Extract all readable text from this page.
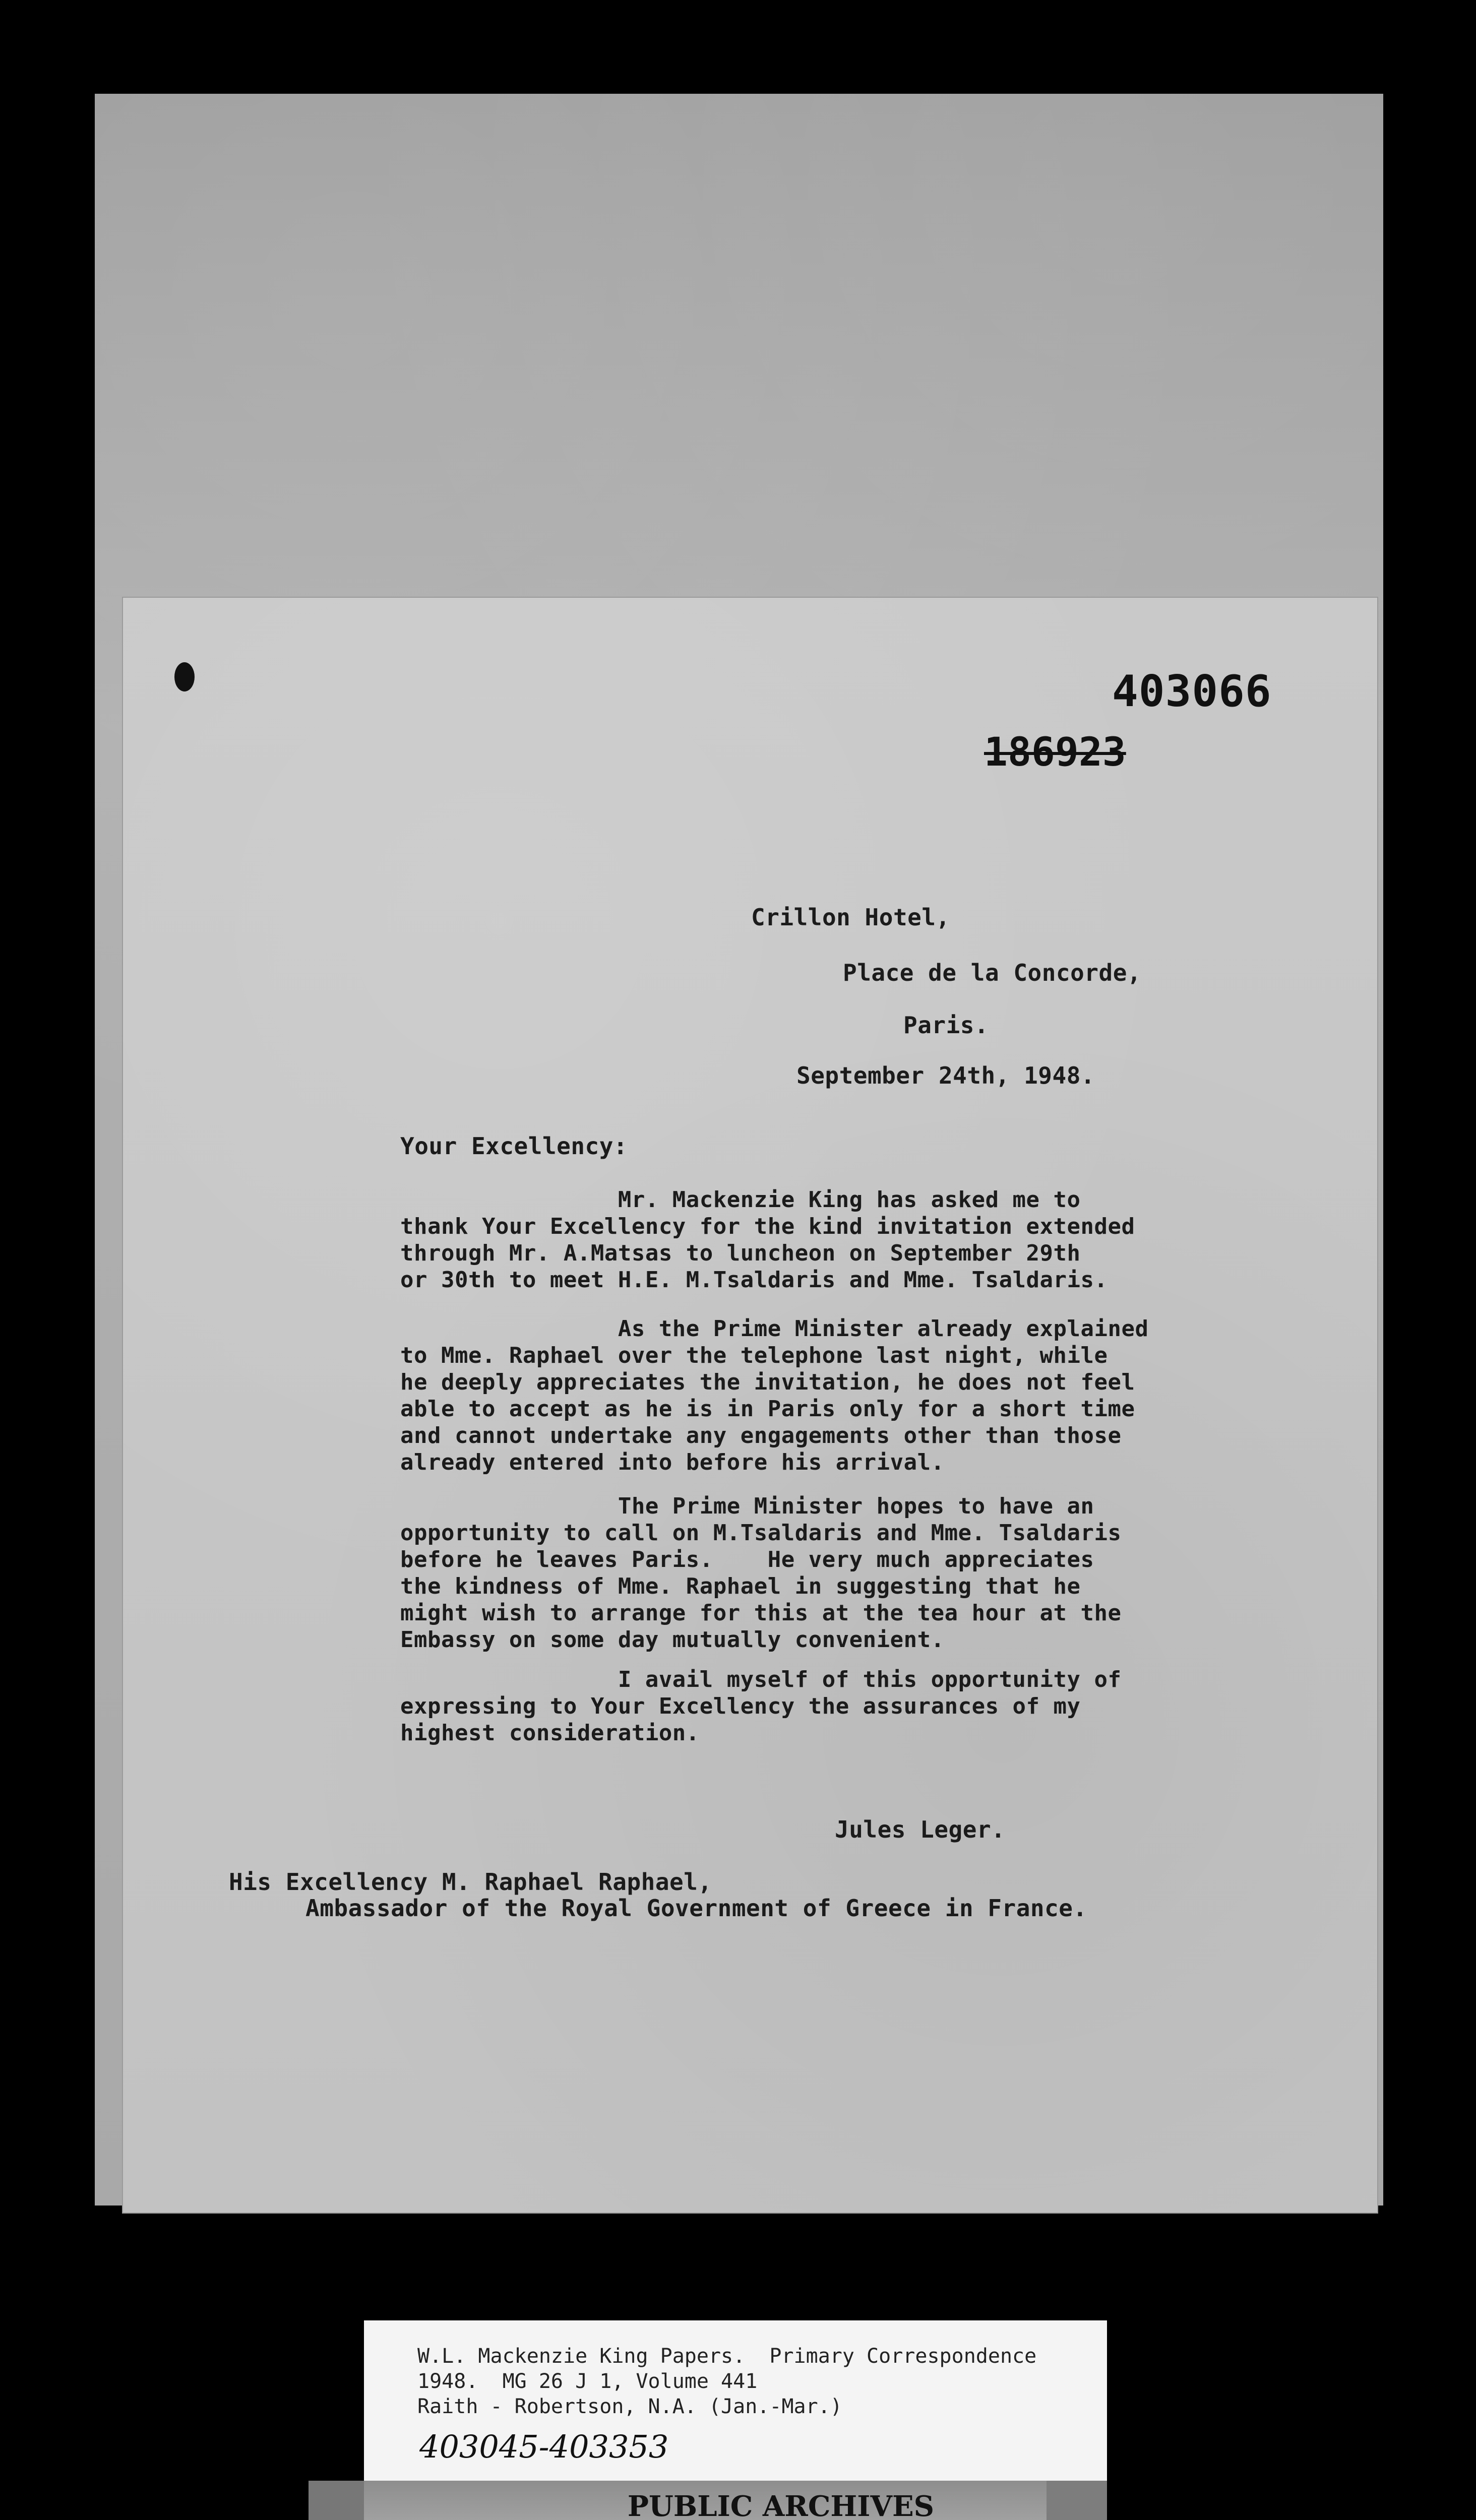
403066
186923
Crillon Hotel,
Place de la Concorde,
Paris.
September 24th, 1948.
Your Excellency:
Mr. Mackenzie King has asked me to
thank Your Excellency for the kind invitation extended
through Mr. A.Matsas to luncheon on September 29th
or 30th to meet H.E. M.Tsaldaris and Mme. Tsaldaris.
As the Prime Minister already explained
to Mme. Raphael over the telephone last night, while
he deeply appreciates the invitation, he does not feel
able to accept as he is in Paris only for a short time
and cannot undertake any engagements other than those
already entered into before his arrival.
The Prime Minister hopes to have an
opportunity to call on M.Tsaldaris and Mme. Tsaldaris
before he leaves Paris.    He very much appreciates
the kindness of Mme. Raphael in suggesting that he
might wish to arrange for this at the tea hour at the
Embassy on some day mutually convenient.
I avail myself of this opportunity of
expressing to Your Excellency the assurances of my
highest consideration.
Jules Leger.
His Excellency M. Raphael Raphael,
Ambassador of the Royal Government of Greece in France.
W.L. Mackenzie King Papers.  Primary Correspondence
1948.  MG 26 J 1, Volume 441
Raith - Robertson, N.A. (Jan.-Mar.)
403045-403353
PUBLIC ARCHIVES
